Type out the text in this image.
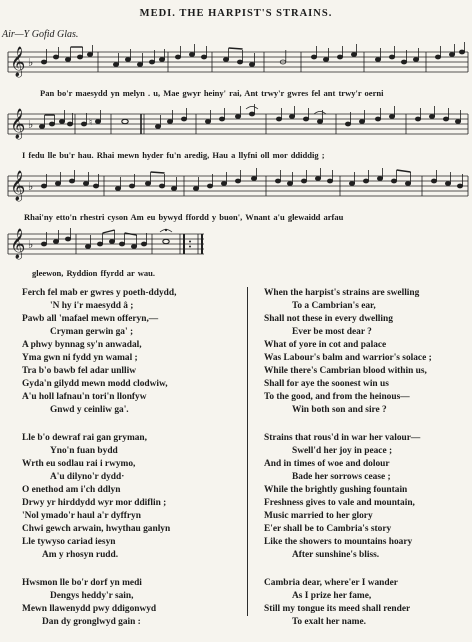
MEDI. THE HARPIST'S STRAINS.
Air—Y Gofid Glas.
𝄞 ♭
Pan bo'r maesydd yn melyn . u, Mae gwyr heiny' rai, Ant trwy'r gwres fel ant trwy'r oerni
𝄞 ♭	♮
I fedu lle bu'r hau. Rhai mewn hyder fu'n aredig, Hau a llyfni oll mor ddiddig ;
𝄞 ♭
Rhai'ny etto'n rhestri cyson Am eu bywyd ffordd y buon', Wnant a'u glewaidd arfau
𝄞 ♭
gleewon, Ryddion ffyrdd ar wau.
Ferch fel mab er gwres y poeth-ddydd,
'N hy i'r maesydd â ;
Pawb all 'mafael mewn offeryn,—
Cryman gerwin ga' ;
A phwy bynnag sy'n anwadal,
Yma gwn ni fydd yn wamal ;
Tra b'o bawb fel adar unlliw
Gyda'n gilydd mewn modd clodwiw,
A'u holl lafnau'n tori'n llonfyw
Gnwd y ceinliw ga'.
Lle b'o dewraf rai gan gryman,
Yno'n fuan bydd
Wrth eu sodlau rai i rwymo,
A'u dilyno'r dydd·
O enethod am i'ch ddlyn
Drwy yr hirddydd wyr mor ddiflin ;
'Nol ymado'r haul a'r dyffryn
Chwi gewch arwain, hwythau ganlyn
Lle tywyso cariad iesyn
Am y rhosyn rudd.
Hwsmon lle bo'r dorf yn medi
Dengys heddy'r sain,
Mewn llawenydd pwy ddigonwyd
Dan dy gronglwyd gain :
When the harpist's strains are swelling
To a Cambrian's ear,
Shall not these in every dwelling
Ever be most dear ?
What of yore in cot and palace
Was Labour's balm and warrior's solace ;
While there's Cambrian blood within us,
Shall for aye the soonest win us
To the good, and from the heinous—
Win both son and sire ?
Strains that rous'd in war her valour—
Swell'd her joy in peace ;
And in times of woe and dolour
Bade her sorrows cease ;
While the brightly gushing fountain
Freshness gives to vale and mountain,
Music married to her glory
E'er shall be to Cambria's story
Like the showers to mountains hoary
After sunshine's bliss.
Cambria dear, where'er I wander
As I prize her fame,
Still my tongue its meed shall render
To exalt her name.
